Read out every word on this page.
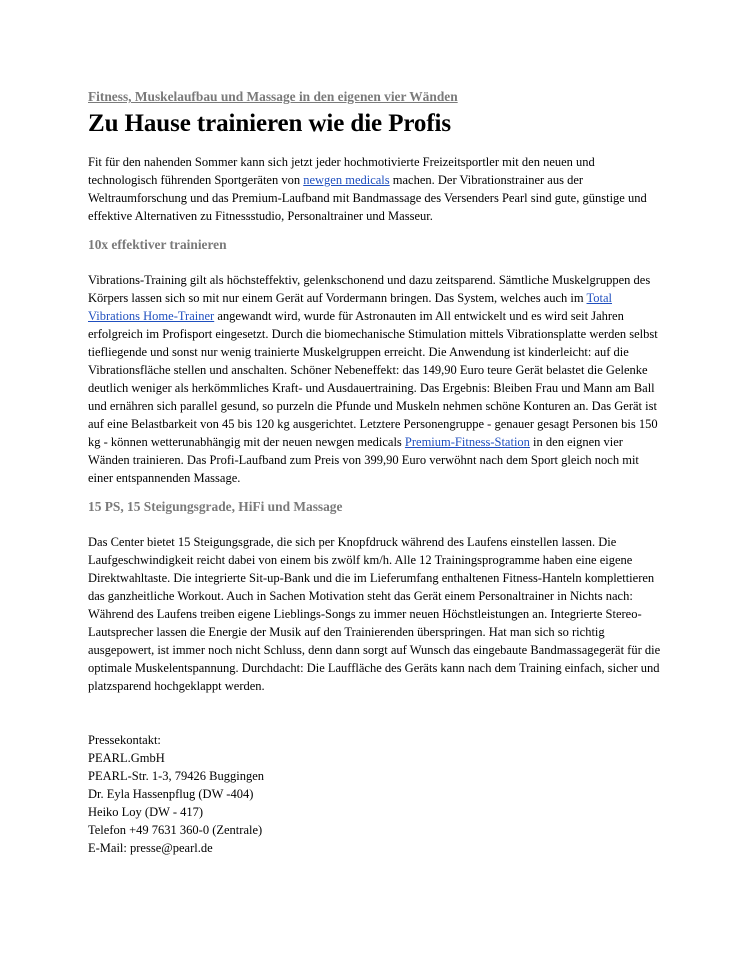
Fitness, Muskelaufbau und Massage in den eigenen vier Wänden

Zu Hause trainieren wie die Profis

Fit für den nahenden Sommer kann sich jetzt jeder hochmotivierte Freizeitsportler mit den neuen und technologisch führenden Sportgeräten von newgen medicals machen. Der Vibrationstrainer aus der Weltraumforschung und das Premium-Laufband mit Bandmassage des Versenders Pearl sind gute, günstige und effektive Alternativen zu Fitnessstudio, Personaltrainer und Masseur.

10x effektiver trainieren

Vibrations-Training gilt als höchsteffektiv, gelenkschonend und dazu zeitsparend. Sämtliche Muskelgruppen des Körpers lassen sich so mit nur einem Gerät auf Vordermann bringen. Das System, welches auch im Total Vibrations Home-Trainer angewandt wird, wurde für Astronauten im All entwickelt und es wird seit Jahren erfolgreich im Profisport eingesetzt. Durch die biomechanische Stimulation mittels Vibrationsplatte werden selbst tiefliegende und sonst nur wenig trainierte Muskelgruppen erreicht. Die Anwendung ist kinderleicht: auf die Vibrationsfläche stellen und anschalten. Schöner Nebeneffekt: das 149,90 Euro teure Gerät belastet die Gelenke deutlich weniger als herkömmliches Kraft- und Ausdauertraining. Das Ergebnis: Bleiben Frau und Mann am Ball und ernähren sich parallel gesund, so purzeln die Pfunde und Muskeln nehmen schöne Konturen an. Das Gerät ist auf eine Belastbarkeit von 45 bis 120 kg ausgerichtet. Letztere Personengruppe - genauer gesagt Personen bis 150 kg - können wetterunabhängig mit der neuen newgen medicals Premium-Fitness-Station in den eignen vier Wänden trainieren. Das Profi-Laufband zum Preis von 399,90 Euro verwöhnt nach dem Sport gleich noch mit einer entspannenden Massage.

15 PS, 15 Steigungsgrade, HiFi und Massage

Das Center bietet 15 Steigungsgrade, die sich per Knopfdruck während des Laufens einstellen lassen. Die Laufgeschwindigkeit reicht dabei von einem bis zwölf km/h. Alle 12 Trainingsprogramme haben eine eigene Direktwahltaste. Die integrierte Sit-up-Bank und die im Lieferumfang enthaltenen Fitness-Hanteln komplettieren das ganzheitliche Workout. Auch in Sachen Motivation steht das Gerät einem Personaltrainer in Nichts nach: Während des Laufens treiben eigene Lieblings-Songs zu immer neuen Höchstleistungen an. Integrierte Stereo-Lautsprecher lassen die Energie der Musik auf den Trainierenden überspringen. Hat man sich so richtig ausgepowert, ist immer noch nicht Schluss, denn dann sorgt auf Wunsch das eingebaute Bandmassagegerät für die optimale Muskelentspannung. Durchdacht: Die Lauffläche des Geräts kann nach dem Training einfach, sicher und platzsparend hochgeklappt werden.

Pressekontakt:
PEARL.GmbH
PEARL-Str. 1-3, 79426 Buggingen
Dr. Eyla Hassenpflug (DW -404)
Heiko Loy (DW - 417)
Telefon +49 7631 360-0 (Zentrale)
E-Mail: presse@pearl.de
